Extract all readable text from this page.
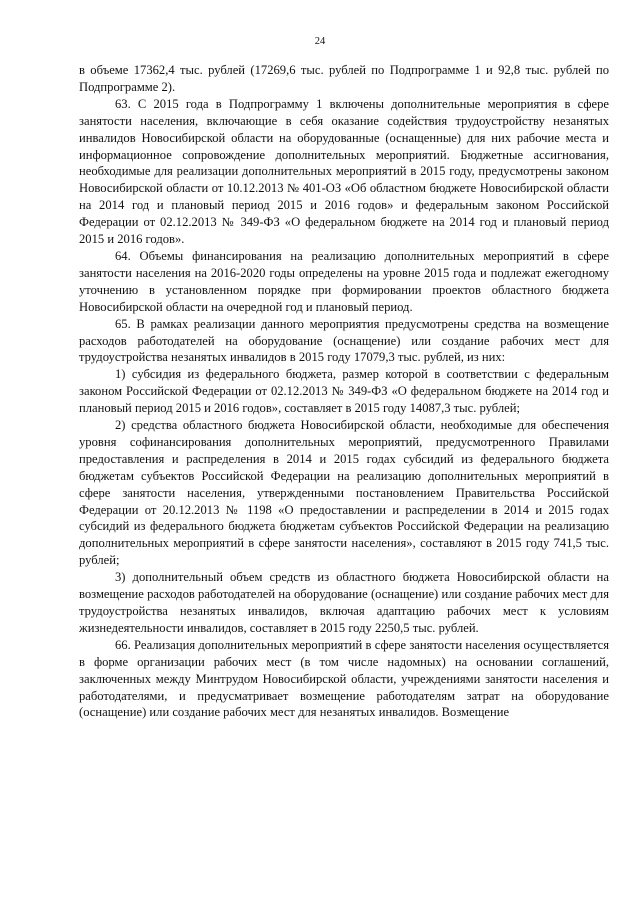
24

в объеме 17362,4 тыс. рублей (17269,6 тыс. рублей по Подпрограмме 1 и 92,8 тыс. рублей по Подпрограмме 2).

63. С 2015 года в Подпрограмму 1 включены дополнительные мероприятия в сфере занятости населения, включающие в себя оказание содействия трудоустройству незанятых инвалидов Новосибирской области на оборудованные (оснащенные) для них рабочие места и информационное сопровождение дополнительных мероприятий. Бюджетные ассигнования, необходимые для реализации дополнительных мероприятий в 2015 году, предусмотрены законом Новосибирской области от 10.12.2013 № 401-ОЗ «Об областном бюджете Новосибирской области на 2014 год и плановый период 2015 и 2016 годов» и федеральным законом Российской Федерации от 02.12.2013 № 349-ФЗ «О федеральном бюджете на 2014 год и плановый период 2015 и 2016 годов».

64. Объемы финансирования на реализацию дополнительных мероприятий в сфере занятости населения на 2016-2020 годы определены на уровне 2015 года и подлежат ежегодному уточнению в установленном порядке при формировании проектов областного бюджета Новосибирской области на очередной год и плановый период.

65. В рамках реализации данного мероприятия предусмотрены средства на возмещение расходов работодателей на оборудование (оснащение) или создание рабочих мест для трудоустройства незанятых инвалидов в 2015 году 17079,3 тыс. рублей, из них:

1) субсидия из федерального бюджета, размер которой в соответствии с федеральным законом Российской Федерации от 02.12.2013 № 349-ФЗ «О федеральном бюджете на 2014 год и плановый период 2015 и 2016 годов», составляет в 2015 году 14087,3 тыс. рублей;

2) средства областного бюджета Новосибирской области, необходимые для обеспечения уровня софинансирования дополнительных мероприятий, предусмотренного Правилами предоставления и распределения в 2014 и 2015 годах субсидий из федерального бюджета бюджетам субъектов Российской Федерации на реализацию дополнительных мероприятий в сфере занятости населения, утвержденными постановлением Правительства Российской Федерации от 20.12.2013 № 1198 «О предоставлении и распределении в 2014 и 2015 годах субсидий из федерального бюджета бюджетам субъектов Российской Федерации на реализацию дополнительных мероприятий в сфере занятости населения», составляют в 2015 году 741,5 тыс. рублей;

3) дополнительный объем средств из областного бюджета Новосибирской области на возмещение расходов работодателей на оборудование (оснащение) или создание рабочих мест для трудоустройства незанятых инвалидов, включая адаптацию рабочих мест к условиям жизнедеятельности инвалидов, составляет в 2015 году 2250,5 тыс. рублей.

66. Реализация дополнительных мероприятий в сфере занятости населения осуществляется в форме организации рабочих мест (в том числе надомных) на основании соглашений, заключенных между Минтрудом Новосибирской области, учреждениями занятости населения и работодателями, и предусматривает возмещение работодателям затрат на оборудование (оснащение) или создание рабочих мест для незанятых инвалидов. Возмещение
